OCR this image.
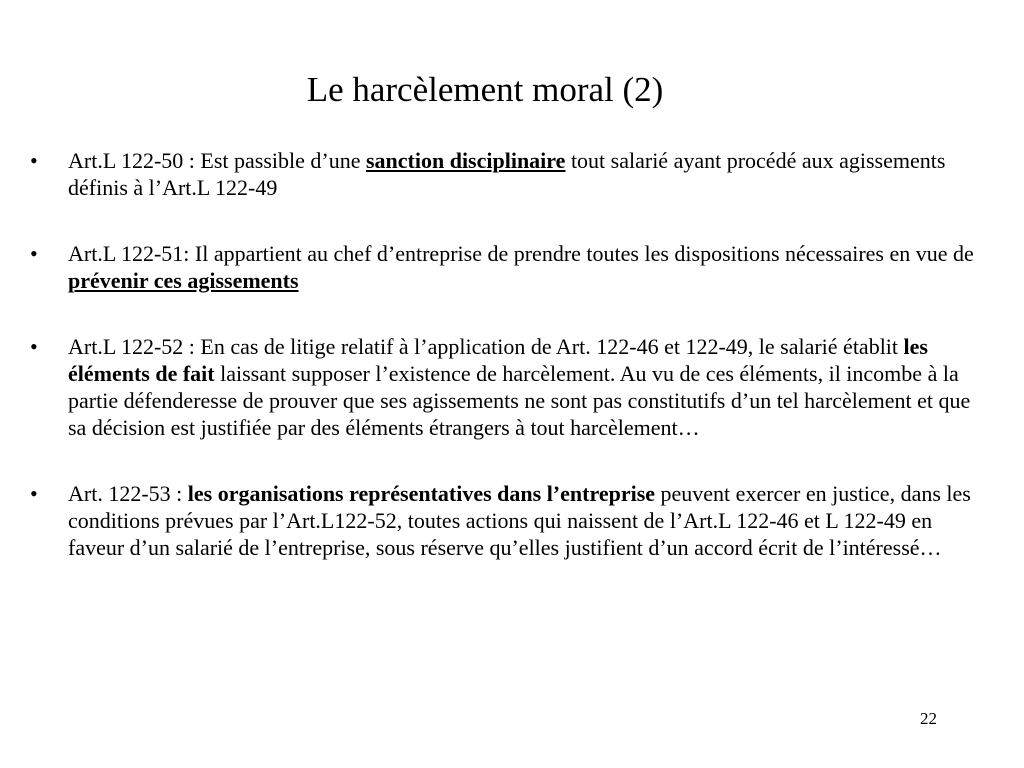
Le harcèlement moral (2)
• Art.L 122-50 : Est passible d’une sanction disciplinaire tout salarié ayant procédé aux agissements définis à l’Art.L 122-49
• Art.L 122-51: Il appartient au chef d’entreprise de prendre toutes les dispositions nécessaires en vue de prévenir ces agissements
• Art.L 122-52 : En cas de litige relatif à l’application de Art. 122-46 et 122-49, le salarié établit les éléments de fait laissant supposer l’existence de harcèlement. Au vu de ces éléments, il incombe à la partie défenderesse de prouver que ses agissements ne sont pas constitutifs d’un tel harcèlement et que sa décision est justifiée par des éléments étrangers à tout harcèlement…
• Art. 122-53 : les organisations représentatives dans l’entreprise peuvent exercer en justice, dans les conditions prévues par l’Art.L122-52, toutes actions qui naissent de l’Art.L 122-46 et L 122-49 en faveur d’un salarié de l’entreprise, sous réserve qu’elles justifient d’un accord écrit de l’intéressé…
22
